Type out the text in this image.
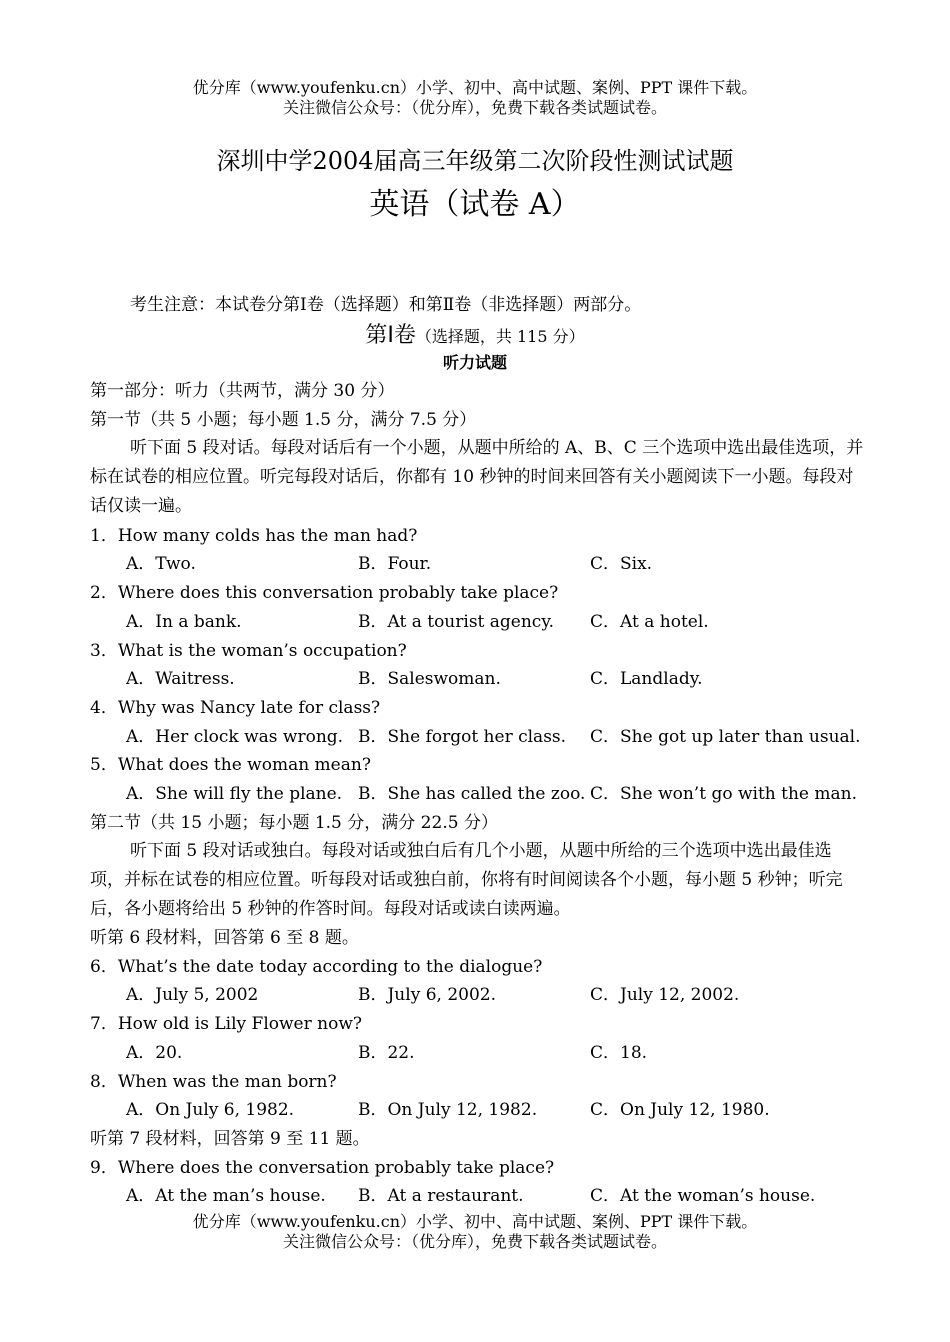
优分库（www.youfenku.cn）小学、初中、高中试题、案例、PPT 课件下载。
关注微信公众号：（优分库），免费下载各类试题试卷。
深圳中学2004届高三年级第二次阶段性测试试题
英语（试卷 A）
考生注意：本试卷分第Ⅰ卷（选择题）和第Ⅱ卷（非选择题）两部分。
第Ⅰ卷（选择题，共 115 分）
听力试题
第一部分：听力（共两节，满分 30 分）
第一节（共 5 小题；每小题 1.5 分，满分 7.5 分）
听下面 5 段对话。每段对话后有一个小题，从题中所给的 A、B、C 三个选项中选出最佳选项，并标在试卷的相应位置。听完每段对话后，你都有 10 秒钟的时间来回答有关小题阅读下一小题。每段对话仅读一遍。
1．How many colds has the man had?
A．Two.	B．Four.	C．Six.
2．Where does this conversation probably take place?
A．In a bank.	B．At a tourist agency. C．At a hotel.
3．What is the woman’s occupation?
A．Waitress.	B．Saleswoman.	C．Landlady.
4．Why was Nancy late for class?
A．Her clock was wrong. B．She forgot her class. C．She got up later than usual.
5．What does the woman mean?
A．She will fly the plane. B．She has called the zoo. C．She won’t go with the man.
第二节（共 15 小题；每小题 1.5 分，满分 22.5 分）
听下面 5 段对话或独白。每段对话或独白后有几个小题，从题中所给的三个选项中选出最佳选项，并标在试卷的相应位置。听每段对话或独白前，你将有时间阅读各个小题，每小题 5 秒钟；听完后，各小题将给出 5 秒钟的作答时间。每段对话或读白读两遍。
听第 6 段材料，回答第 6 至 8 题。
6．What’s the date today according to the dialogue?
A．July 5, 2002	B．July 6, 2002.	C．July 12, 2002.
7．How old is Lily Flower now?
A．20.	B．22.	C．18.
8．When was the man born?
A．On July 6, 1982.	B．On July 12, 1982.	C．On July 12, 1980.
听第 7 段材料，回答第 9 至 11 题。
9．Where does the conversation probably take place?
A．At the man’s house. B．At a restaurant.	C．At the woman’s house.
优分库（www.youfenku.cn）小学、初中、高中试题、案例、PPT 课件下载。
关注微信公众号：（优分库），免费下载各类试题试卷。
